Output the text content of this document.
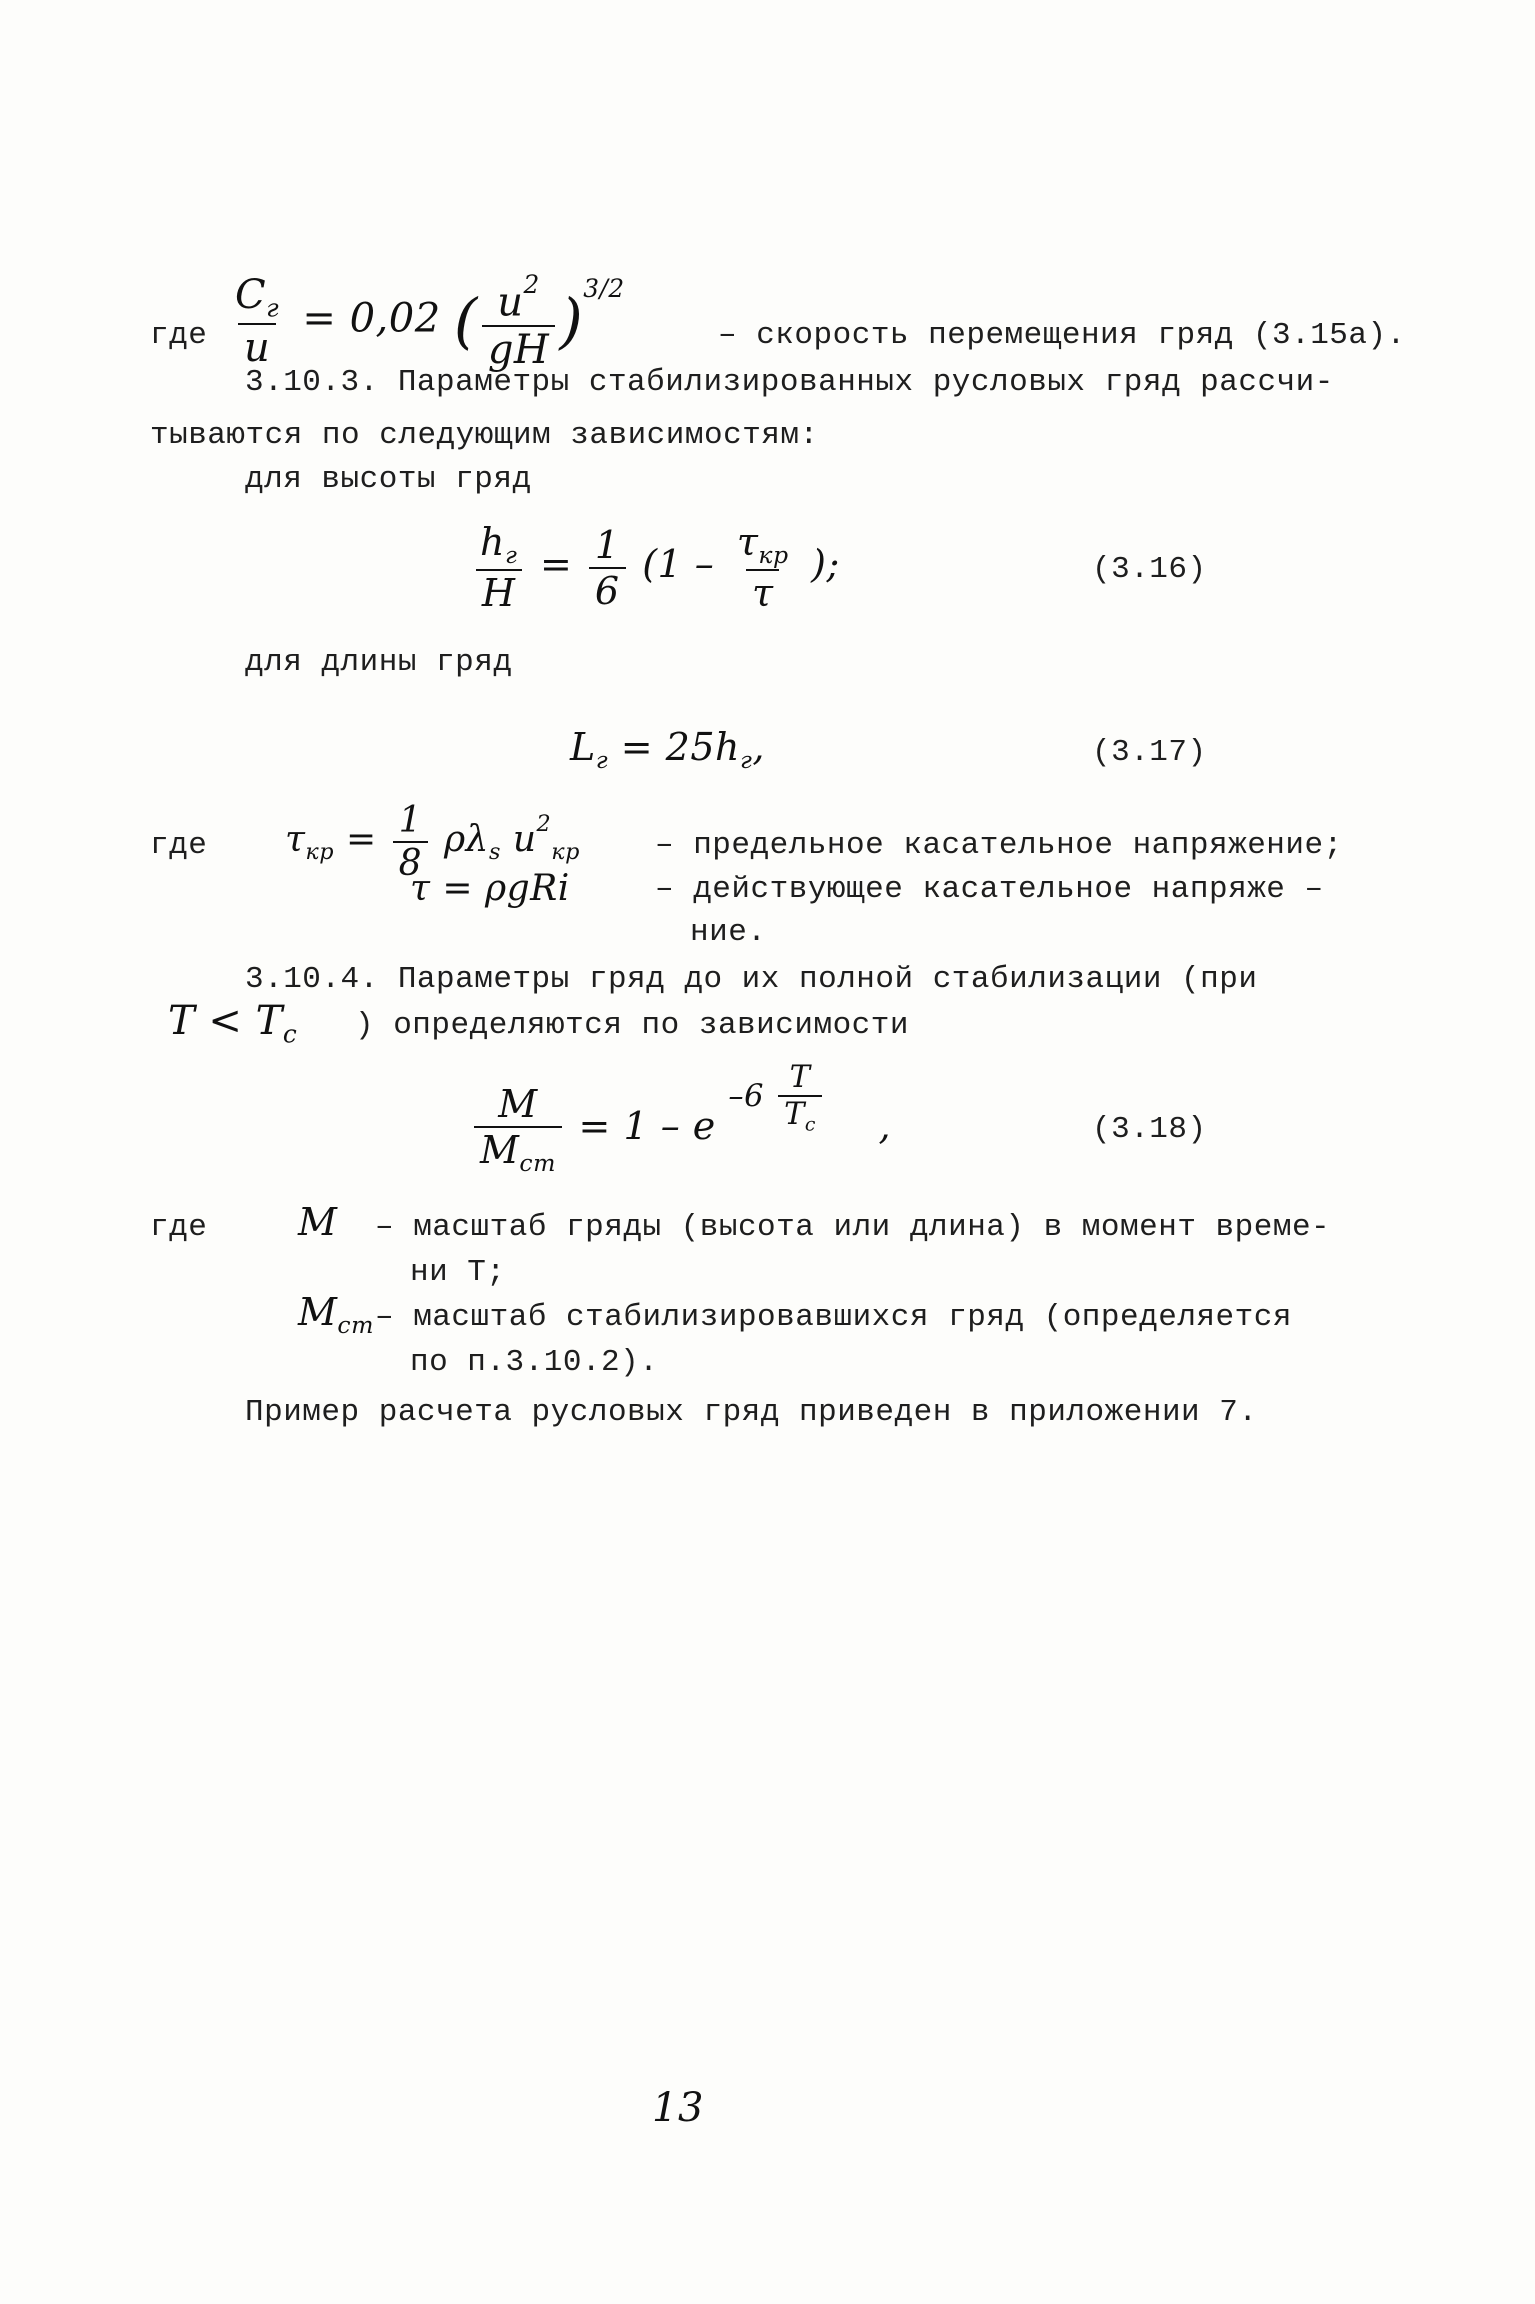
где $\frac{C_г}{u} = 0,02$ ( $\frac{u^2}{gH} )^{3/2}$
– скорость перемещения гряд (3.15а).
3.10.3. Параметры стабилизированных русловых гряд рассчи-
тываются по следующим зависимостям:
для высоты гряд
$\frac{h_г}{H} = \frac{1}{6} (1 - \frac{\tau_{кр}}{\tau}$ );	(3.16)
для длины гряд
$L_г = 25h_г$,	(3.17)
где $\tau_{кр} = \frac{1}{8} \rho\lambda_s$ $u^2_{кр}$ – предельное касательное напряжение;
τ = ρgRi	– действующее касательное напряже –
ние.
3.10.4. Параметры гряд до их полной стабилизации (при
$T < T_c$ ) определяются по зависимости
$\frac{M}{M_{ст}} = 1 - e$ $-6 \frac{T}{T_c}$ ,	(3.18)
где M – масштаб гряды (высота или длина) в момент време-
ни Т;
$M_{ст}$ – масштаб стабилизировавшихся гряд (определяется
по п.3.10.2).
Пример расчета русловых гряд приведен в приложении 7.
13
